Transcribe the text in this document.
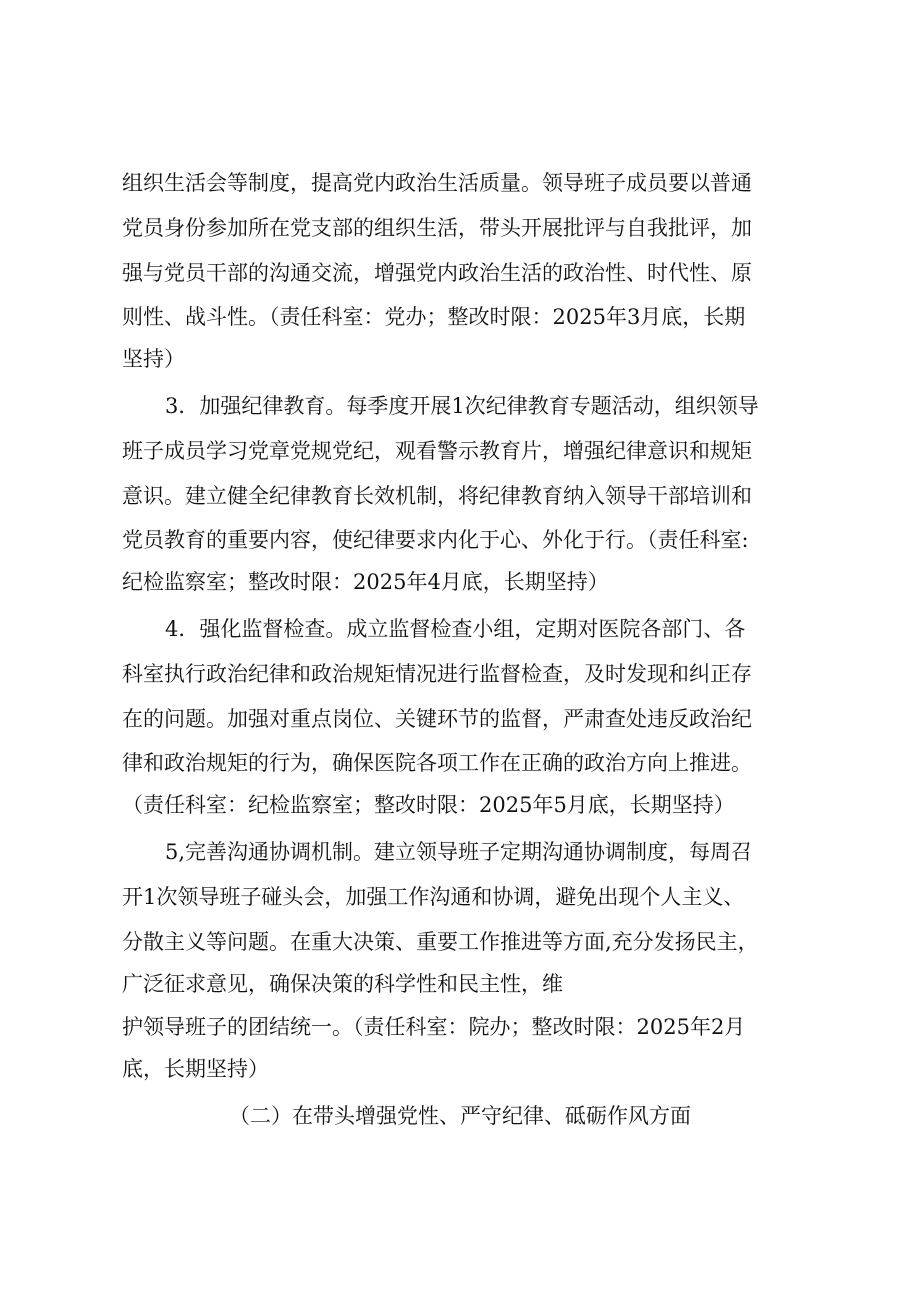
组织生活会等制度，提高党内政治生活质量。领导班子成员要以普通
党员身份参加所在党支部的组织生活，带头开展批评与自我批评，加
强与党员干部的沟通交流，增强党内政治生活的政治性、时代性、原
则性、战斗性。（责任科室：党办；整改时限：2025年3月底，长期
坚持）
3．加强纪律教育。每季度开展1次纪律教育专题活动，组织领导
班子成员学习党章党规党纪，观看警示教育片，增强纪律意识和规矩
意识。建立健全纪律教育长效机制，将纪律教育纳入领导干部培训和
党员教育的重要内容，使纪律要求内化于心、外化于行。（责任科室:
纪检监察室；整改时限：2025年4月底，长期坚持）
4．强化监督检查。成立监督检查小组，定期对医院各部门、各
科室执行政治纪律和政治规矩情况进行监督检查，及时发现和纠正存
在的问题。加强对重点岗位、关键环节的监督，严肃查处违反政治纪
律和政治规矩的行为，确保医院各项工作在正确的政治方向上推进。
（责任科室：纪检监察室；整改时限：2025年5月底，长期坚持）
5,完善沟通协调机制。建立领导班子定期沟通协调制度，每周召
开1次领导班子碰头会，加强工作沟通和协调，避免出现个人主义、
分散主义等问题。在重大决策、重要工作推进等方面,充分发扬民主，
广泛征求意见，确保决策的科学性和民主性，维
护领导班子的团结统一。（责任科室：院办；整改时限：2025年2月
底，长期坚持）
（二）在带头增强党性、严守纪律、砥砺作风方面
